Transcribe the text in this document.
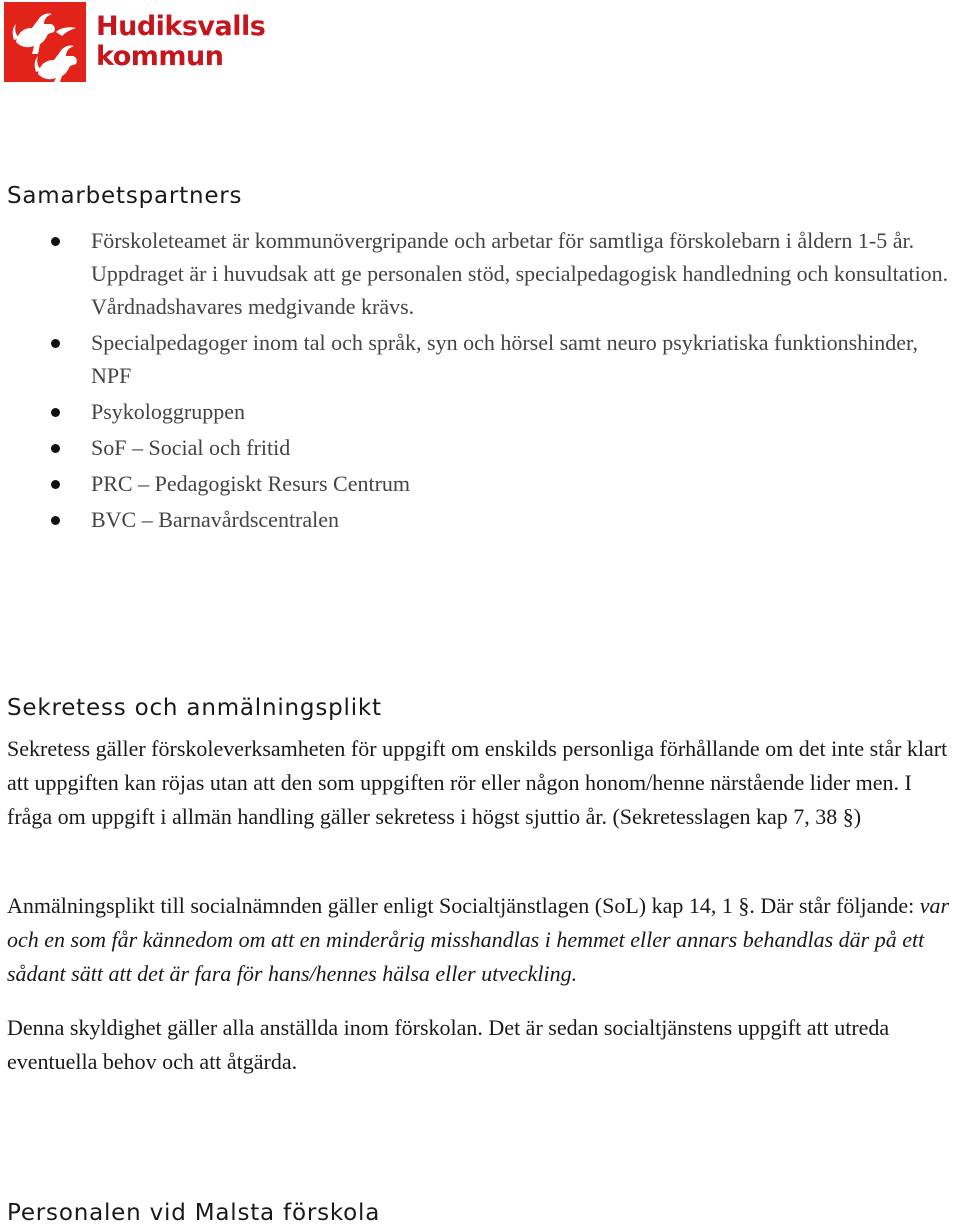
Hudiksvalls
kommun
Samarbetspartners
Förskoleteamet är kommunövergripande och arbetar för samtliga förskolebarn i åldern 1-5 år. Uppdraget är i huvudsak att ge personalen stöd, specialpedagogisk handledning och konsultation. Vårdnadshavares medgivande krävs.
Specialpedagoger inom tal och språk, syn och hörsel samt neuro psykriatiska funktionshinder, NPF
Psykologgruppen
SoF – Social och fritid
PRC – Pedagogiskt Resurs Centrum
BVC – Barnavårdscentralen
Sekretess och anmälningsplikt

Sekretess gäller förskoleverksamheten för uppgift om enskilds personliga förhållande om det inte står klart att uppgiften kan röjas utan att den som uppgiften rör eller någon honom/henne närstående lider men. I fråga om uppgift i allmän handling gäller sekretess i högst sjuttio år. (Sekretesslagen kap 7, 38 §)

Anmälningsplikt till socialnämnden gäller enligt Socialtjänstlagen (SoL) kap 14, 1 §. Där står följande: var och en som får kännedom om att en minderårig misshandlas i hemmet eller annars behandlas där på ett sådant sätt att det är fara för hans/hennes hälsa eller utveckling.

Denna skyldighet gäller alla anställda inom förskolan. Det är sedan socialtjänstens uppgift att utreda eventuella behov och att åtgärda.

Personalen vid Malsta förskola
